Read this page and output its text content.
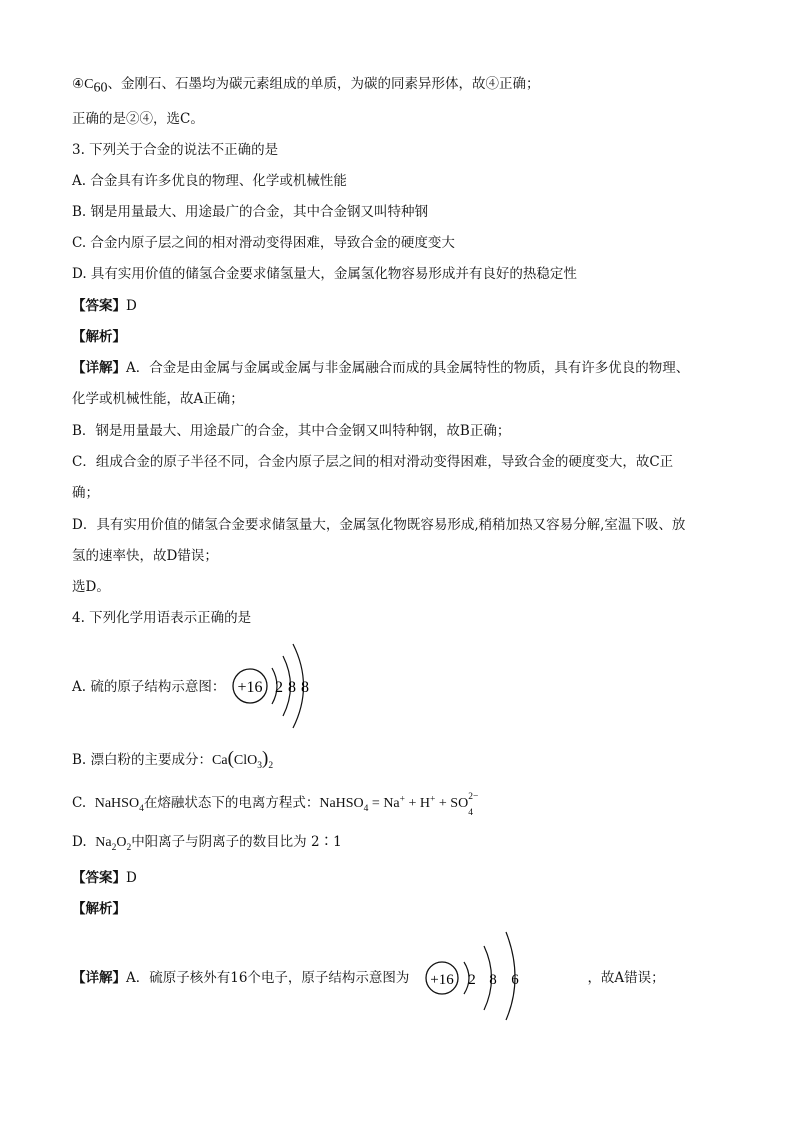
$④C_{60}$、金刚石、石墨均为碳元素组成的单质，为碳的同素异形体，故④正确；
正确的是②④，选C。
3. 下列关于合金的说法不正确的是
A. 合金具有许多优良的物理、化学或机械性能
B. 钢是用量最大、用途最广的合金，其中合金钢又叫特种钢
C. 合金内原子层之间的相对滑动变得困难，导致合金的硬度变大
D. 具有实用价值的储氢合金要求储氢量大，金属氢化物容易形成并有良好的热稳定性
【答案】D
【解析】
【详解】A．合金是由金属与金属或金属与非金属融合而成的具金属特性的物质，具有许多优良的物理、
化学或机械性能，故A正确；
B．钢是用量最大、用途最广的合金，其中合金钢又叫特种钢，故B正确；
C．组成合金的原子半径不同，合金内原子层之间的相对滑动变得困难，导致合金的硬度变大，故C正
确；
D．具有实用价值的储氢合金要求储氢量大，金属氢化物既容易形成,稍稍加热又容易分解,室温下吸、放
氢的速率快，故D错误；
选D。
4. 下列化学用语表示正确的是
A. 硫的原子结构示意图： +16 2 8 8
B. 漂白粉的主要成分：$Ca(ClO_3)_2$
C. NaHSO$_4$在熔融状态下的电离方程式：NaHSO$_4$ = Na+ + H+ + SO 2−
4
D. $Na_2O_2$中阳离子与阴离子的数目比为 2∶1
【答案】D
【解析】
【详解】A．硫原子核外有16个电子，原子结构示意图为	，故A错误；
+16 2 8 6
